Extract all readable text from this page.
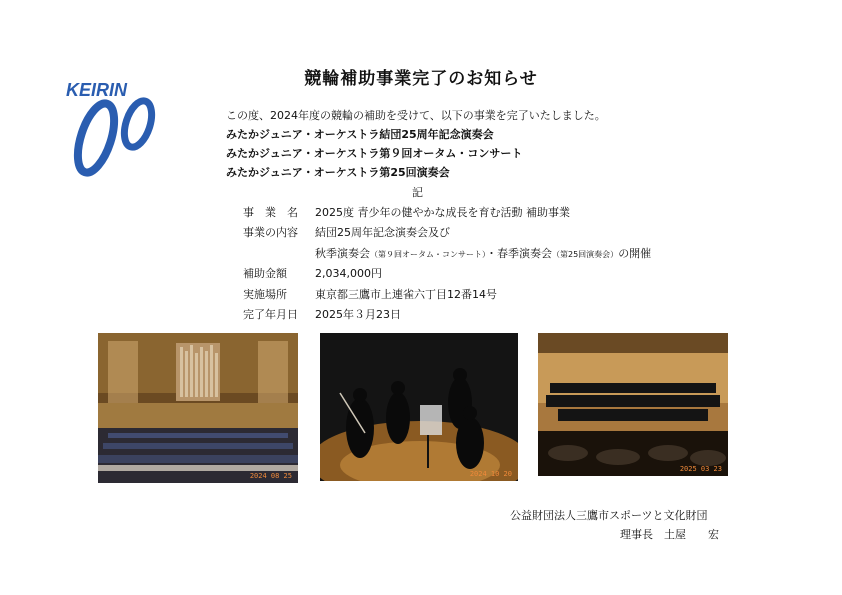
競輪補助事業完了のお知らせ
KEIRIN
この度、2024年度の競輪の補助を受けて、以下の事業を完了いたしました。
みたかジュニア・オーケストラ結団25周年記念演奏会
みたかジュニア・オーケストラ第９回オータム・コンサート
みたかジュニア・オーケストラ第25回演奏会
記
事　業　名 2025度 青少年の健やかな成長を育む活動 補助事業
事業の内容 結団25周年記念演奏会及び
秋季演奏会（第９回オータム・コンサート）・春季演奏会（第25回演奏会）の開催
補助金額	2,034,000円
実施場所	東京都三鷹市上連雀六丁目12番14号
完了年月日 2025年３月23日
2024 08 25	2024 10 20
2025 03 23
公益財団法人三鷹市スポーツと文化財団
理事長　土屋　　宏
